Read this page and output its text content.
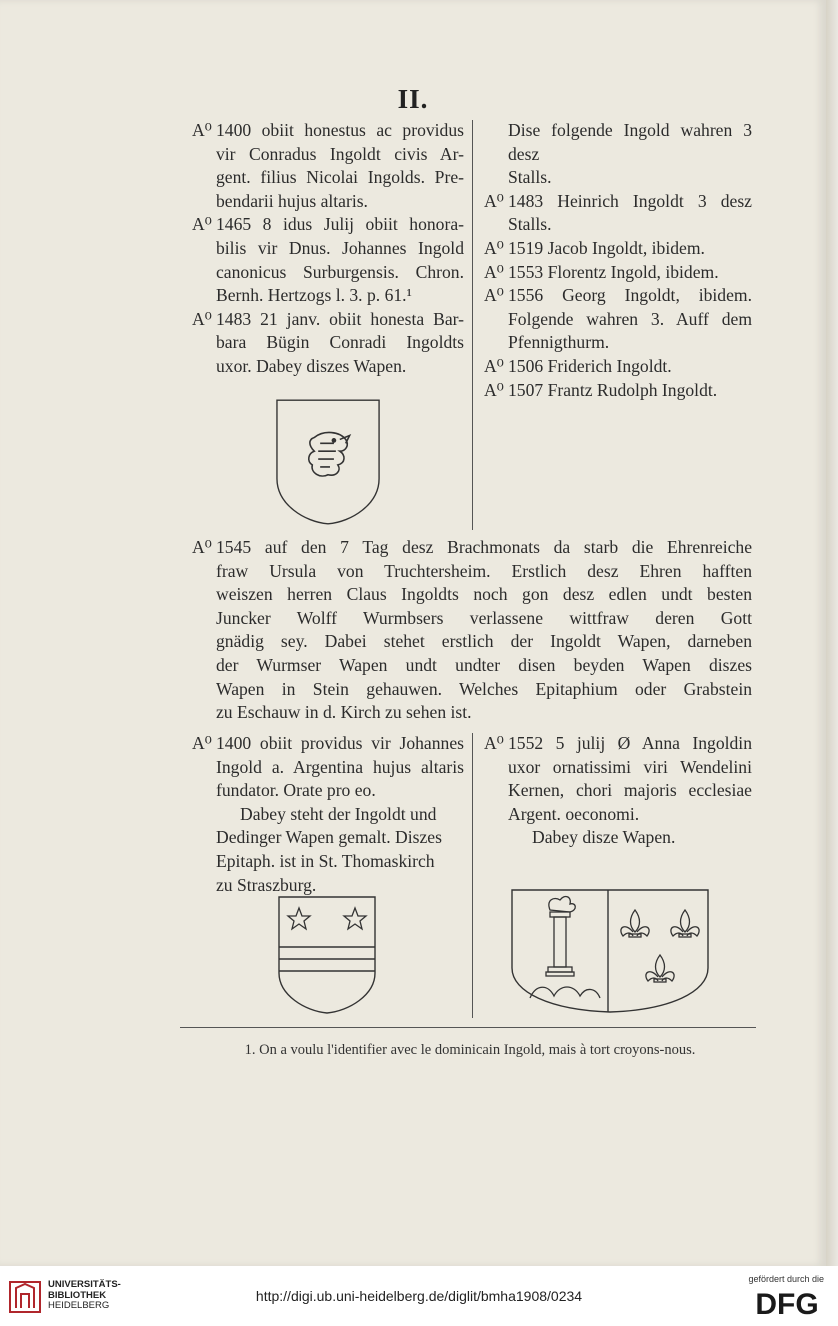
II.
A⁰ 1400 obiit honestus ac providus
vir Conradus Ingoldt civis Ar-
gent. filius Nicolai Ingolds. Pre-
bendarii hujus altaris.
A⁰ 1465 8 idus Julij obiit honora-
bilis vir Dnus. Johannes Ingold
canonicus Surburgensis. Chron.
Bernh. Hertzogs l. 3. p. 61.¹
A⁰ 1483 21 janv. obiit honesta Bar-
bara Bügin Conradi Ingoldts
uxor. Dabey diszes Wapen.
Dise folgende Ingold wahren 3 desz
Stalls.
A⁰ 1483 Heinrich Ingoldt 3 desz
Stalls.
A⁰ 1519 Jacob Ingoldt, ibidem.
A⁰ 1553 Florentz Ingold, ibidem.
A⁰ 1556 Georg Ingoldt, ibidem.
Folgende wahren 3. Auff dem
Pfennigthurm.
A⁰ 1506 Friderich Ingoldt.
A⁰ 1507 Frantz Rudolph Ingoldt.
A⁰ 1545 auf den 7 Tag desz Brachmonats da starb die Ehrenreiche
fraw Ursula von Truchtersheim. Erstlich desz Ehren hafften
weiszen herren Claus Ingoldts noch gon desz edlen undt besten
Juncker Wolff Wurmbsers verlassene wittfraw deren Gott
gnädig sey. Dabei stehet erstlich der Ingoldt Wapen, darneben
der Wurmser Wapen undt undter disen beyden Wapen diszes
Wapen in Stein gehauwen. Welches Epitaphium oder Grabstein
zu Eschauw in d. Kirch zu sehen ist.
A⁰ 1400 obiit providus vir Johannes
Ingold a. Argentina hujus altaris
fundator. Orate pro eo.
Dabey steht der Ingoldt und
Dedinger Wapen gemalt. Diszes
Epitaph. ist in St. Thomaskirch
zu Straszburg.
A⁰ 1552 5 julij Ø Anna Ingoldin
uxor ornatissimi viri Wendelini
Kernen, chori majoris ecclesiae
Argent. oeconomi.
Dabey disze Wapen.
1. On a voulu l'identifier avec le dominicain Ingold, mais à tort croyons-nous.
UNIVERSITÄTS-
BIBLIOTHEK
HEIDELBERG
http://digi.ub.uni-heidelberg.de/diglit/bmha1908/0234
gefördert durch die
DFG
